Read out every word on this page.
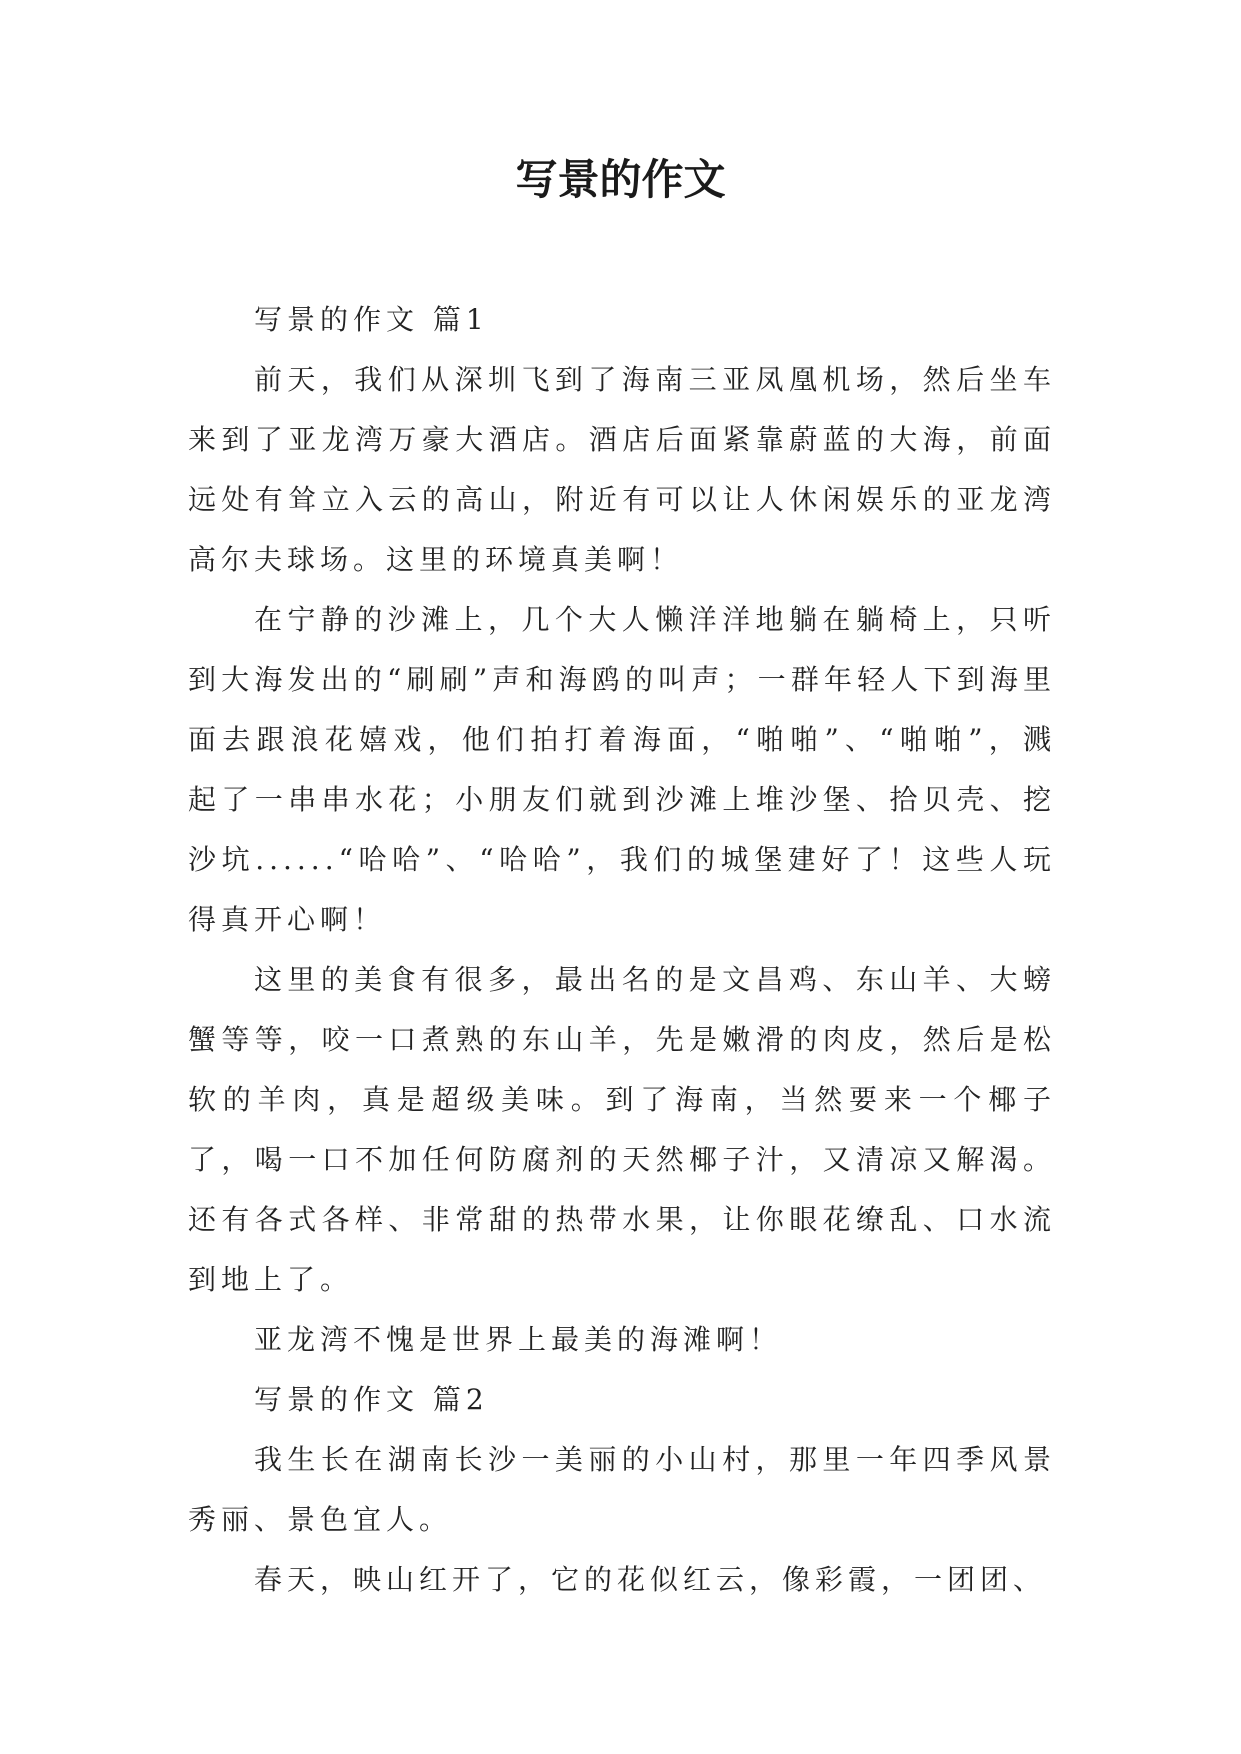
写景的作文

写景的作文 篇1

前天，我们从深圳飞到了海南三亚凤凰机场，然后坐车来到了亚龙湾万豪大酒店。酒店后面紧靠蔚蓝的大海，前面远处有耸立入云的高山，附近有可以让人休闲娱乐的亚龙湾高尔夫球场。这里的环境真美啊！

在宁静的沙滩上，几个大人懒洋洋地躺在躺椅上，只听到大海发出的“刷刷”声和海鸥的叫声；一群年轻人下到海里面去跟浪花嬉戏，他们拍打着海面，“啪啪”、“啪啪”，溅起了一串串水花；小朋友们就到沙滩上堆沙堡、拾贝壳、挖沙坑......“哈哈”、“哈哈”，我们的城堡建好了！这些人玩得真开心啊！

这里的美食有很多，最出名的是文昌鸡、东山羊、大螃蟹等等，咬一口煮熟的东山羊，先是嫩滑的肉皮，然后是松软的羊肉，真是超级美味。到了海南，当然要来一个椰子了，喝一口不加任何防腐剂的天然椰子汁，又清凉又解渴。还有各式各样、非常甜的热带水果，让你眼花缭乱、口水流到地上了。

亚龙湾不愧是世界上最美的海滩啊！

写景的作文 篇2

我生长在湖南长沙一美丽的小山村，那里一年四季风景秀丽、景色宜人。

春天，映山红开了，它的花似红云，像彩霞，一团团、
